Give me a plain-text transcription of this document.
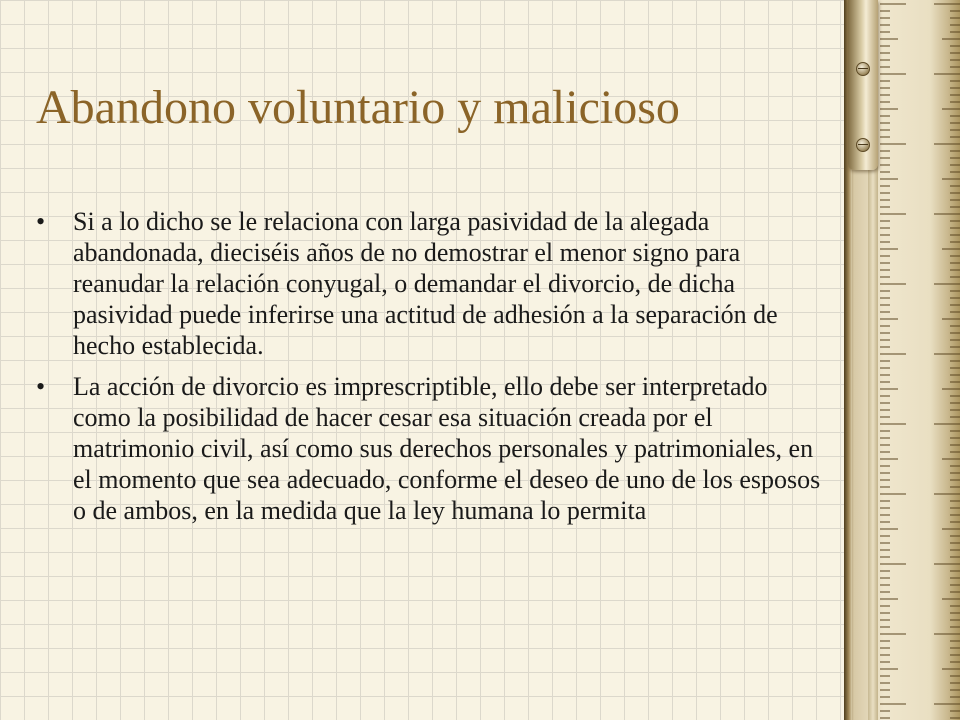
Abandono voluntario y malicioso
• Si a lo dicho se le relaciona con larga pasividad de la alegada abandonada, dieciséis años de no demostrar el menor signo para reanudar la relación conyugal, o demandar el divorcio, de dicha pasividad puede inferirse una actitud de adhesión a la separación de hecho establecida.
• La acción de divorcio es imprescriptible, ello debe ser interpretado como la posibilidad de hacer cesar esa situación creada por el matrimonio civil, así como sus derechos personales y patrimoniales, en el momento que sea adecuado, conforme el deseo de uno de los esposos o de ambos, en la medida que la ley humana lo permita
